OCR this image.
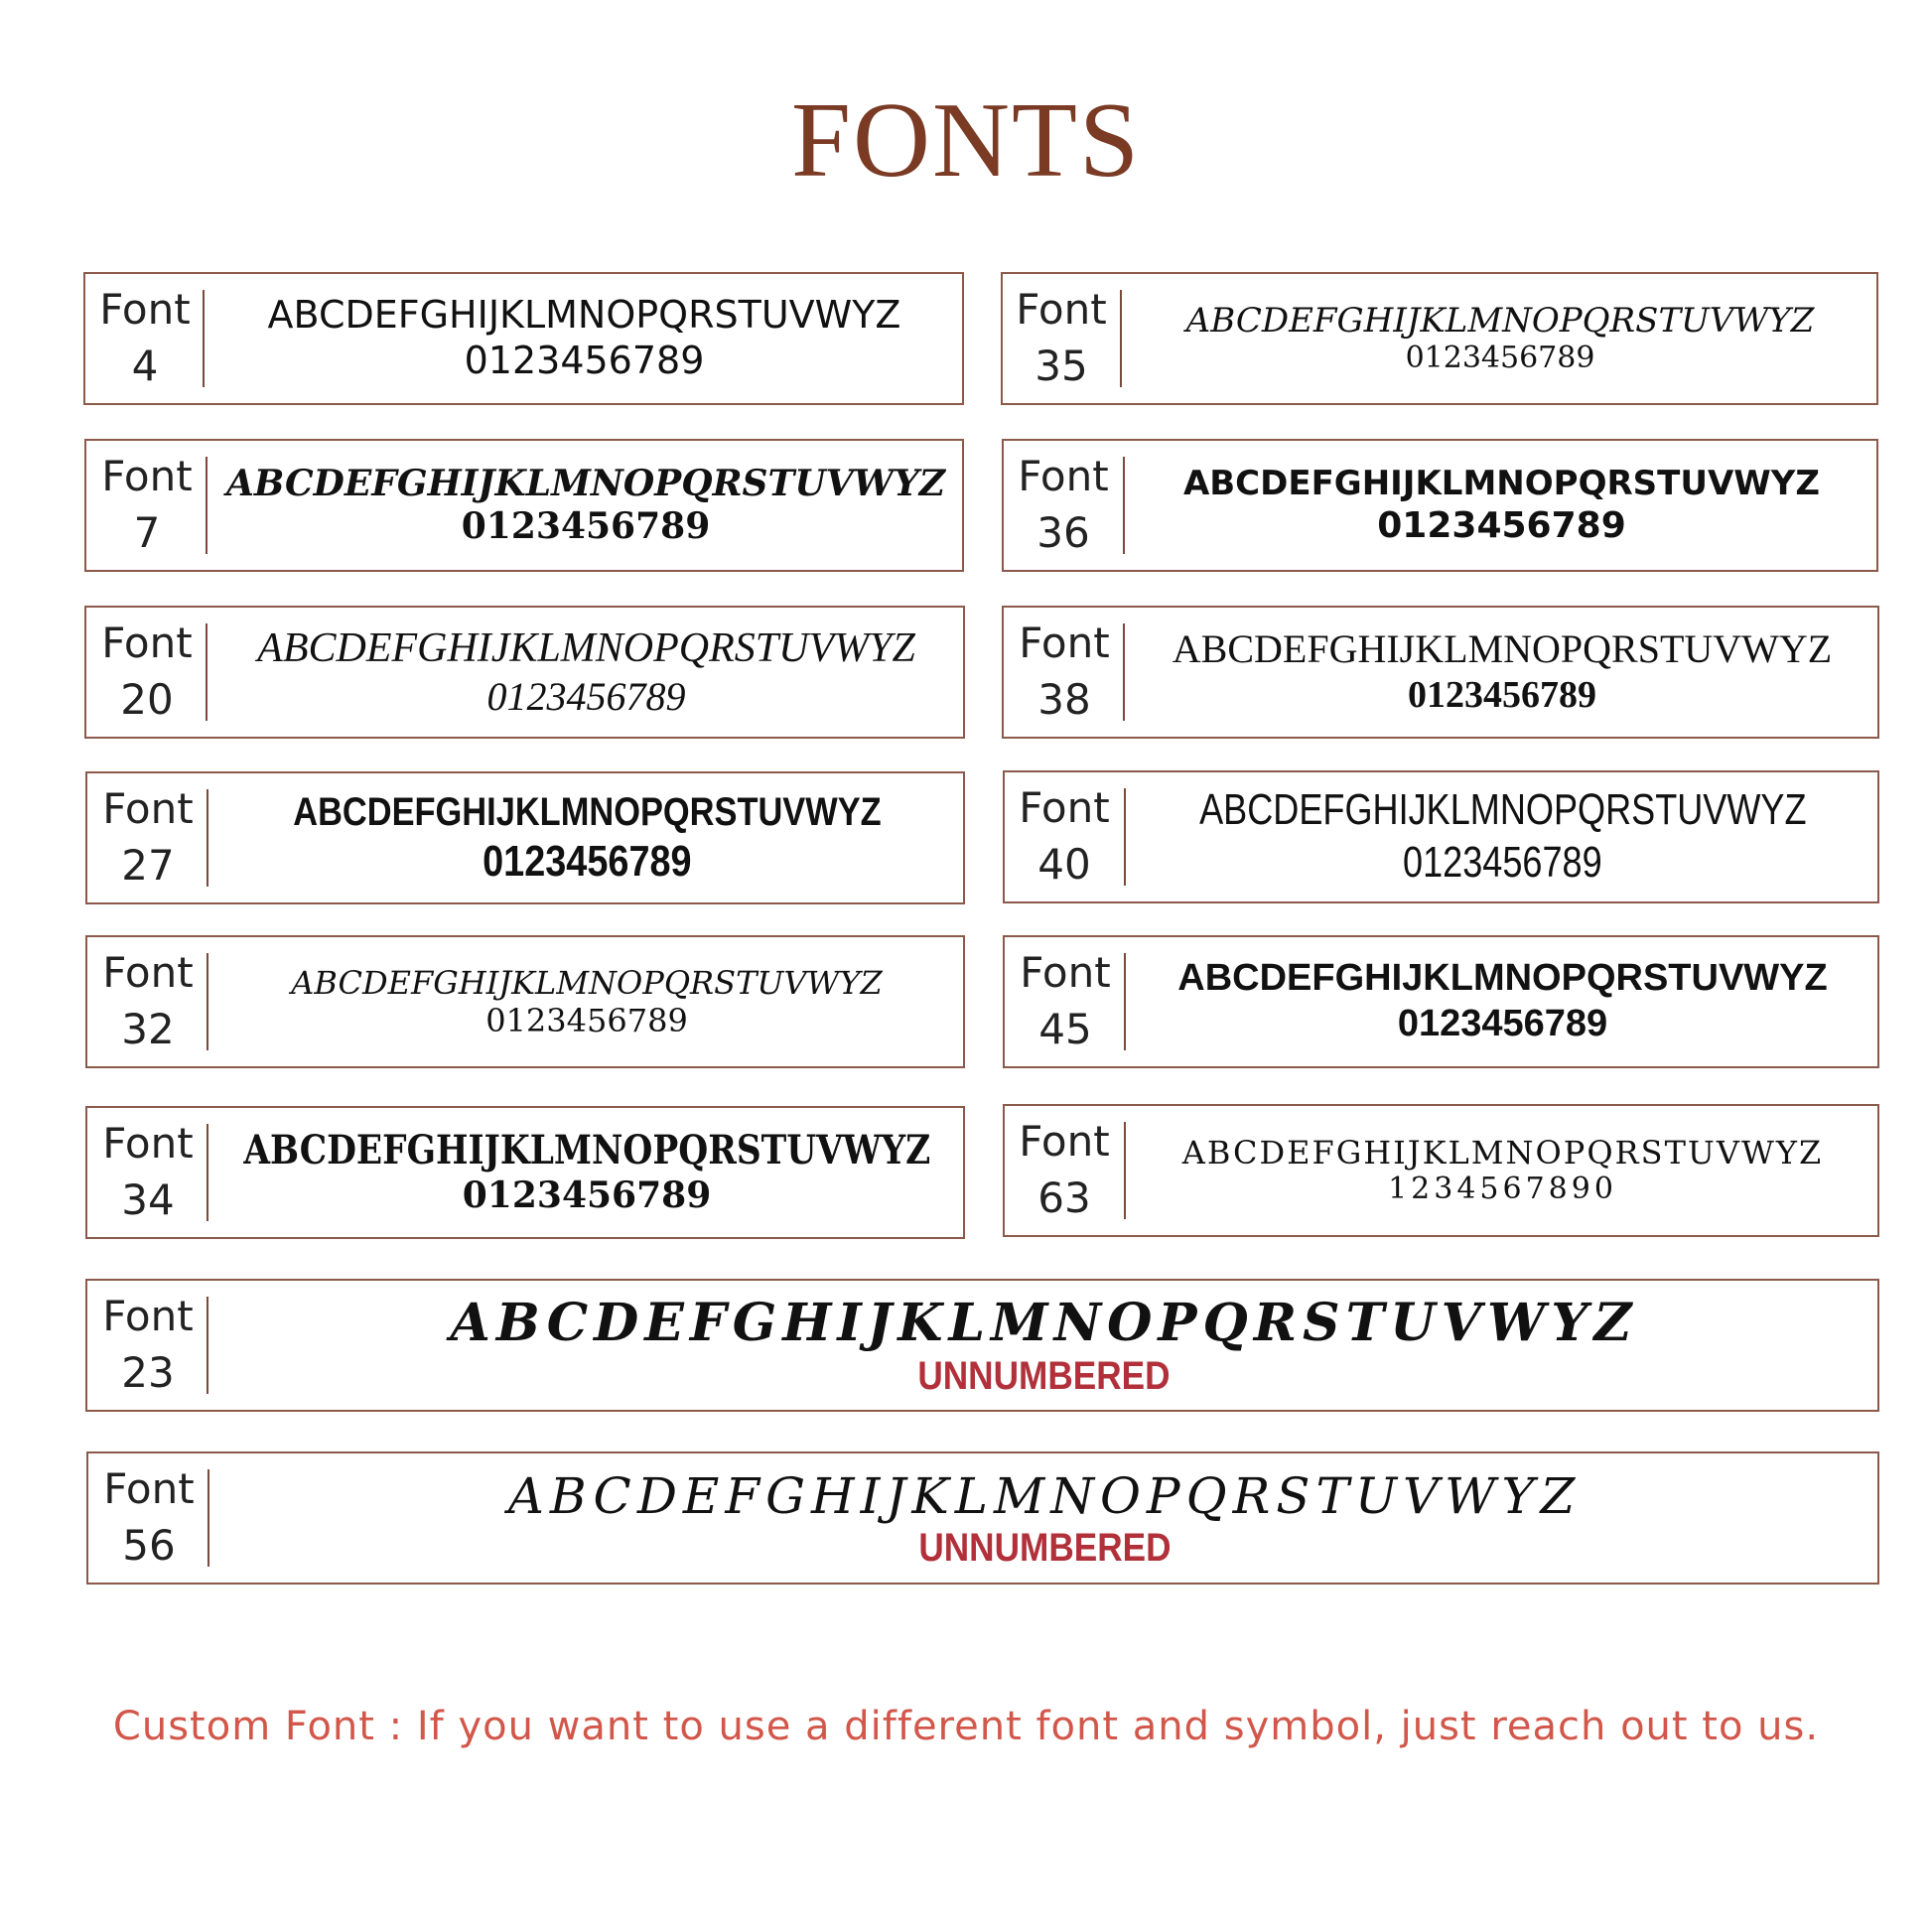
FONTS
Font
4
ABCDEFGHIJKLMNOPQRSTUVWYZ
0123456789
Font
7
ABCDEFGHIJKLMNOPQRSTUVWYZ
0123456789
Font
20
ABCDEFGHIJKLMNOPQRSTUVWYZ
0123456789
Font
27
ABCDEFGHIJKLMNOPQRSTUVWYZ
0123456789
Font
32
ABCDEFGHIJKLMNOPQRSTUVWYZ
0123456789
Font
34
ABCDEFGHIJKLMNOPQRSTUVWYZ
0123456789
Font
35
ABCDEFGHIJKLMNOPQRSTUVWYZ
0123456789
Font
36
ABCDEFGHIJKLMNOPQRSTUVWYZ
0123456789
Font
38
ABCDEFGHIJKLMNOPQRSTUVWYZ
0123456789
Font
40
ABCDEFGHIJKLMNOPQRSTUVWYZ
0123456789
Font
45
ABCDEFGHIJKLMNOPQRSTUVWYZ
0123456789
Font
63
ABCDEFGHIJKLMNOPQRSTUVWYZ
1234567890
Font
23
ABCDEFGHIJKLMNOPQRSTUVWYZ
UNNUMBERED
Font
56
ABCDEFGHIJKLMNOPQRSTUVWYZ
UNNUMBERED
Custom Font : If you want to use a different font and symbol, just reach out to us.
